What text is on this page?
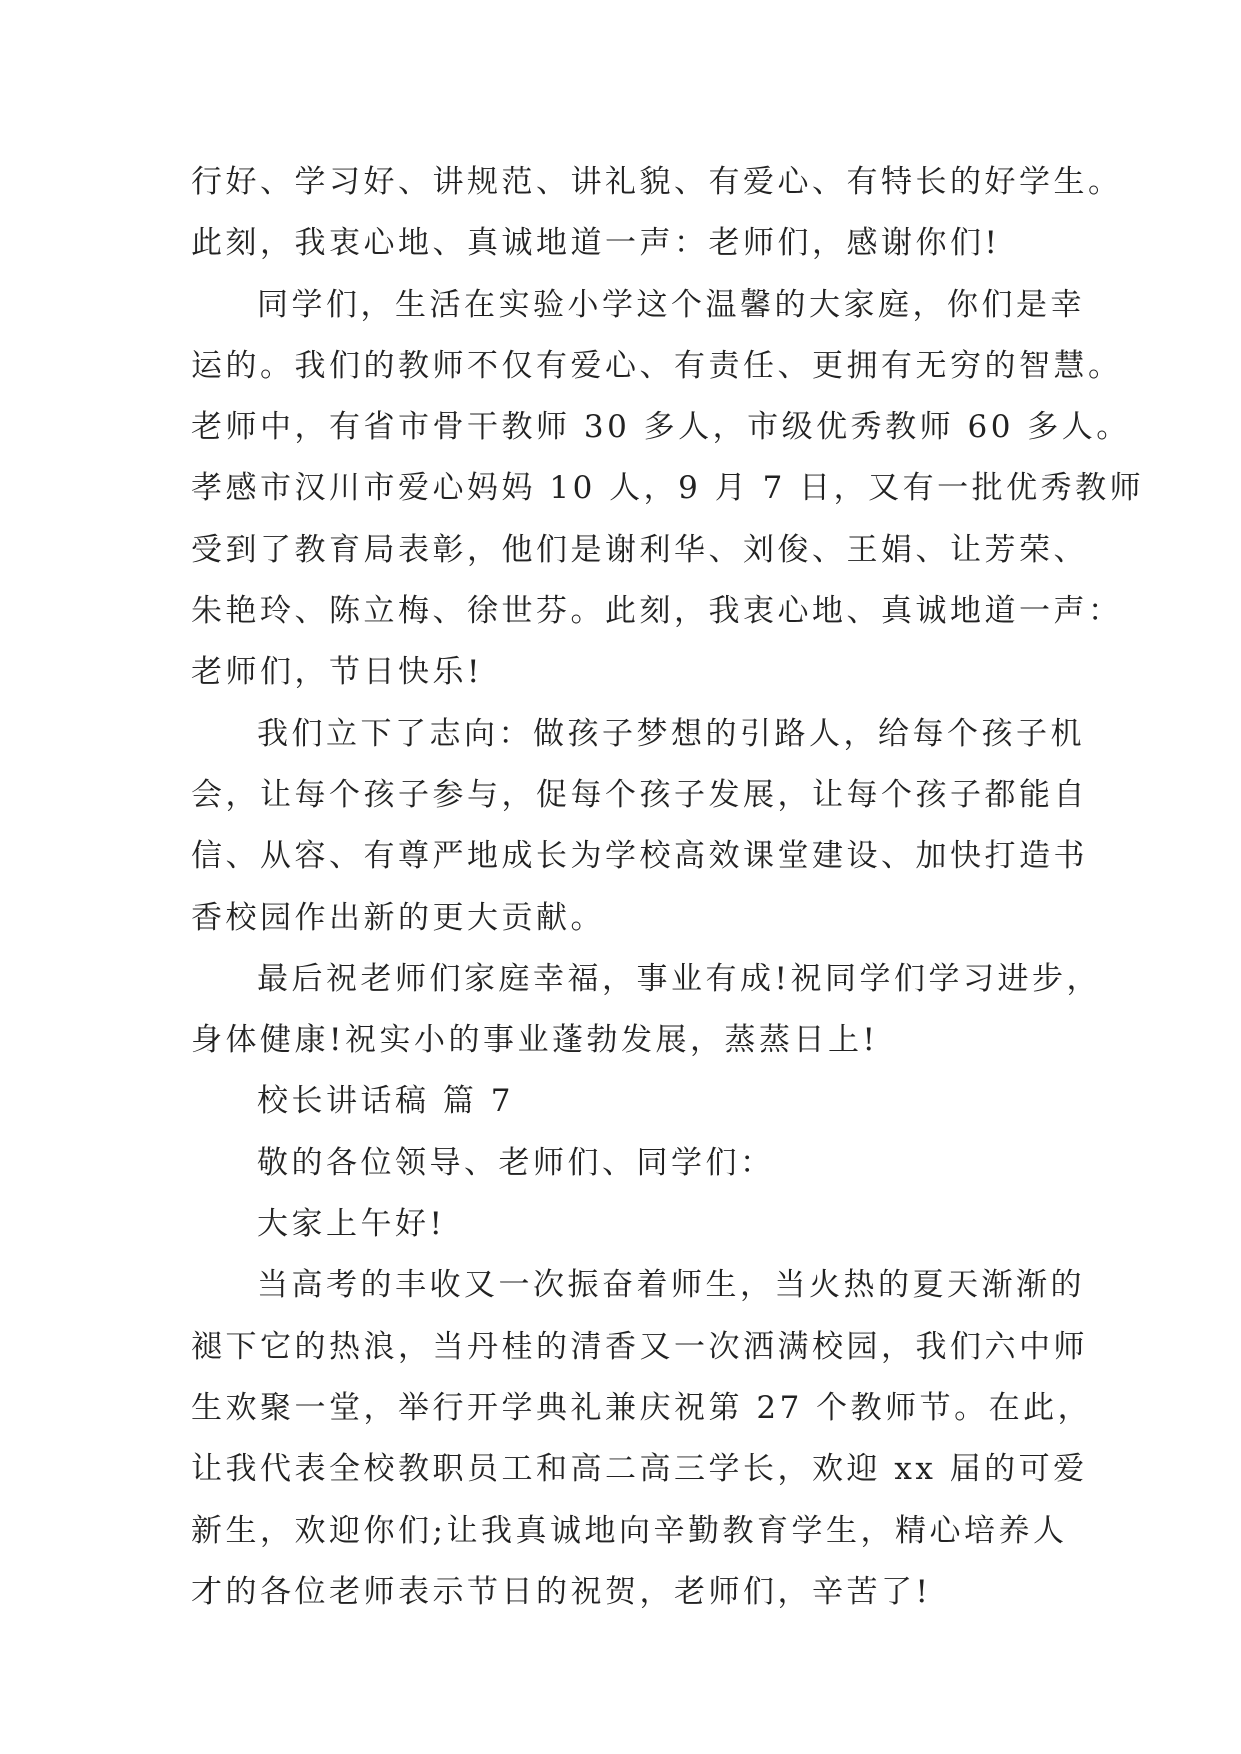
行好、学习好、讲规范、讲礼貌、有爱心、有特长的好学生。
此刻，我衷心地、真诚地道一声：老师们，感谢你们!
同学们，生活在实验小学这个温馨的大家庭，你们是幸
运的。我们的教师不仅有爱心、有责任、更拥有无穷的智慧。
老师中，有省市骨干教师 30 多人，市级优秀教师 60 多人。
孝感市汉川市爱心妈妈 10 人，9 月 7 日，又有一批优秀教师
受到了教育局表彰，他们是谢利华、刘俊、王娟、让芳荣、
朱艳玲、陈立梅、徐世芬。此刻，我衷心地、真诚地道一声：
老师们，节日快乐!
我们立下了志向：做孩子梦想的引路人，给每个孩子机
会，让每个孩子参与，促每个孩子发展，让每个孩子都能自
信、从容、有尊严地成长为学校高效课堂建设、加快打造书
香校园作出新的更大贡献。
最后祝老师们家庭幸福，事业有成!祝同学们学习进步，
身体健康!祝实小的事业蓬勃发展，蒸蒸日上!
校长讲话稿 篇 7
敬的各位领导、老师们、同学们：
大家上午好!
当高考的丰收又一次振奋着师生，当火热的夏天渐渐的
褪下它的热浪，当丹桂的清香又一次洒满校园，我们六中师
生欢聚一堂，举行开学典礼兼庆祝第 27 个教师节。在此，
让我代表全校教职员工和高二高三学长，欢迎 xx 届的可爱
新生，欢迎你们;让我真诚地向辛勤教育学生，精心培养人
才的各位老师表示节日的祝贺，老师们，辛苦了!
